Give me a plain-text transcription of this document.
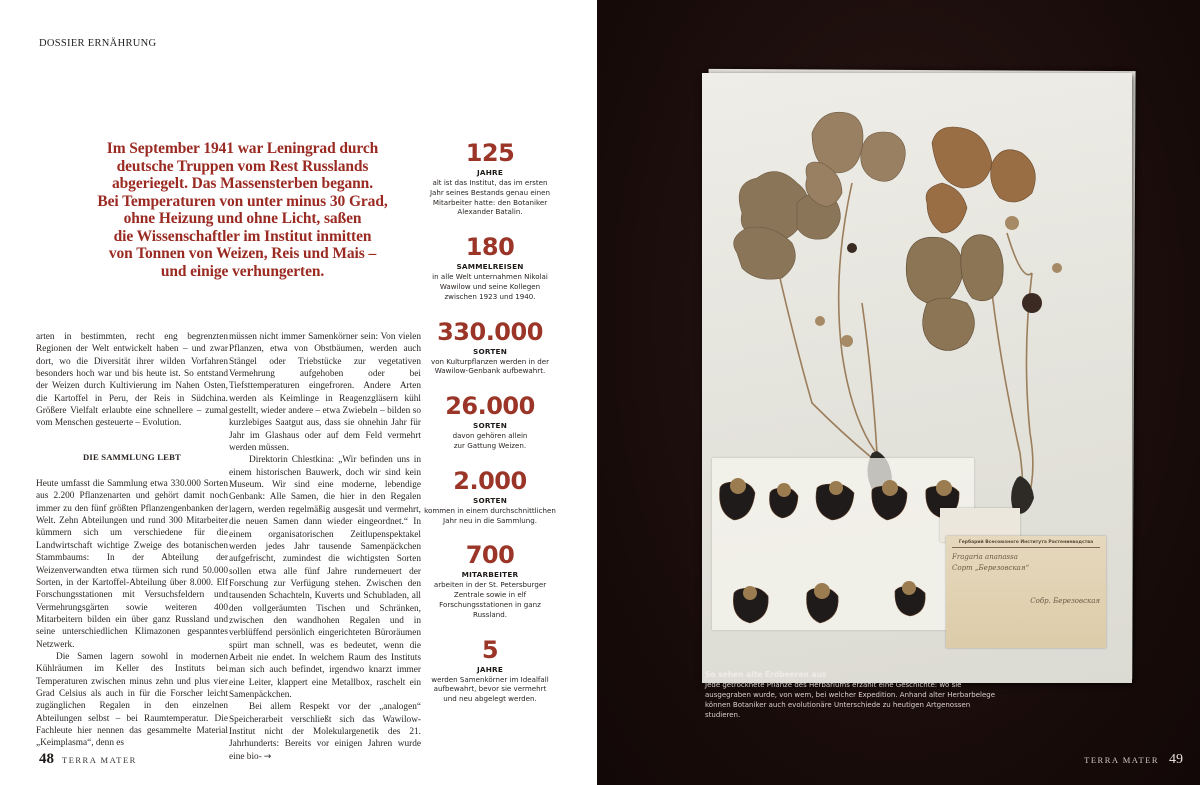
DOSSIER ERNÄHRUNG
Im September 1941 war Leningrad durch
deutsche Truppen vom Rest Russlands
abgeriegelt. Das Massensterben begann.
Bei Temperaturen von unter minus 30 Grad,
ohne Heizung und ohne Licht, saßen
die Wissenschaftler im Institut inmitten
von Tonnen von Weizen, Reis und Mais –
und einige verhungerten.

arten in bestimmten, recht eng begrenzten Regionen der Welt entwickelt haben – und zwar dort, wo die Diversität ihrer wilden Vorfahren besonders hoch war und bis heute ist. So entstand der Weizen durch Kultivierung im Nahen Osten, die Kartoffel in Peru, der Reis in Südchina. Größere Vielfalt erlaubte eine schnellere – zumal vom Menschen gesteuerte – Evolution.

DIE SAMMLUNG LEBT

Heute umfasst die Sammlung etwa 330.000 Sorten aus 2.200 Pflanzenarten und gehört damit noch immer zu den fünf größten Pflanzengenbanken der Welt. Zehn Abteilungen und rund 300 Mitarbeiter kümmern sich um verschiedene für die Landwirtschaft wichtige Zweige des botanischen Stammbaums: In der Abteilung der Weizenverwandten etwa türmen sich rund 50.000 Sorten, in der Kartoffel-Abteilung über 8.000. Elf Forschungsstationen mit Versuchsfeldern und Vermehrungsgärten sowie weiteren 400 Mitarbeitern bilden ein über ganz Russland und seine unterschiedlichen Klimazonen gespanntes Netzwerk.

Die Samen lagern sowohl in modernen Kühlräumen im Keller des Instituts bei Temperaturen zwischen minus zehn und plus vier Grad Celsius als auch in für die Forscher leicht zugänglichen Regalen in den einzelnen Abteilungen selbst – bei Raumtemperatur. Die Fachleute hier nennen das gesammelte Material „Keimplasma“, denn es

müssen nicht immer Samenkörner sein: Von vielen Pflanzen, etwa von Obstbäumen, werden auch Stängel oder Triebstücke zur vegetativen Vermehrung aufgehoben oder bei Tiefsttemperaturen eingefroren. Andere Arten werden als Keimlinge in Reagenzgläsern kühl gestellt, wieder andere – etwa Zwiebeln – bilden so kurzlebiges Saatgut aus, dass sie ohnehin Jahr für Jahr im Glashaus oder auf dem Feld vermehrt werden müssen.

Direktorin Chlestkina: „Wir befinden uns in einem historischen Bauwerk, doch wir sind kein Museum. Wir sind eine moderne, lebendige Genbank: Alle Samen, die hier in den Regalen lagern, werden regelmäßig ausgesät und vermehrt, die neuen Samen dann wieder eingeordnet.“ In einem organisatorischen Zeitlupenspektakel werden jedes Jahr tausende Samenpäckchen aufgefrischt, zumindest die wichtigsten Sorten sollen etwa alle fünf Jahre runderneuert der Forschung zur Verfügung stehen. Zwischen den tausenden Schachteln, Kuverts und Schubladen, all den vollgeräumten Tischen und Schränken, zwischen den wandhohen Regalen und in verblüffend persönlich eingerichteten Büroräumen spürt man schnell, was es bedeutet, wenn die Arbeit nie endet. In welchem Raum des Instituts man sich auch befindet, irgendwo knarzt immer eine Leiter, klappert eine Metallbox, raschelt ein Samenpäckchen.

Bei allem Respekt vor der „analogen“ Speicherarbeit verschließt sich das Wawilow-Institut nicht der Molekulargenetik des 21. Jahrhunderts: Bereits vor einigen Jahren wurde eine bio- →

125
JAHRE
alt ist das Institut, das im ersten Jahr seines Bestands genau einen Mitarbeiter hatte: den Botaniker Alexander Batalin.
180
SAMMELREISEN
in alle Welt unternahmen Nikolai Wawilow und seine Kollegen zwischen 1923 und 1940.
330.000
SORTEN
von Kulturpflanzen werden in der Wawilow-Genbank aufbewahrt.
26.000
SORTEN
davon gehören allein zur Gattung Weizen.
2.000
SORTEN
kommen in einem durchschnittlichen Jahr neu in die Sammlung.
700
MITARBEITER
arbeiten in der St. Petersburger Zentrale sowie in elf Forschungsstationen in ganz Russland.
5
JAHRE
werden Samenkörner im Idealfall aufbewahrt, bevor sie vermehrt und neu abgelegt werden.
48 TERRA MATER
Гербарий Всесоюзного Института Растениеводства
Fragaria ananassa
Сорт „Березовская“
Собр. Березовская
So sehen alte Erdbeeren aus
Jede getrocknete Pflanze des Herbariums erzählt eine Geschichte: wo sie ausgegraben wurde, von wem, bei welcher Expedition. Anhand alter Herbarbelege können Botaniker auch evolutionäre Unterschiede zu heutigen Artgenossen studieren.
TERRA MATER 49
